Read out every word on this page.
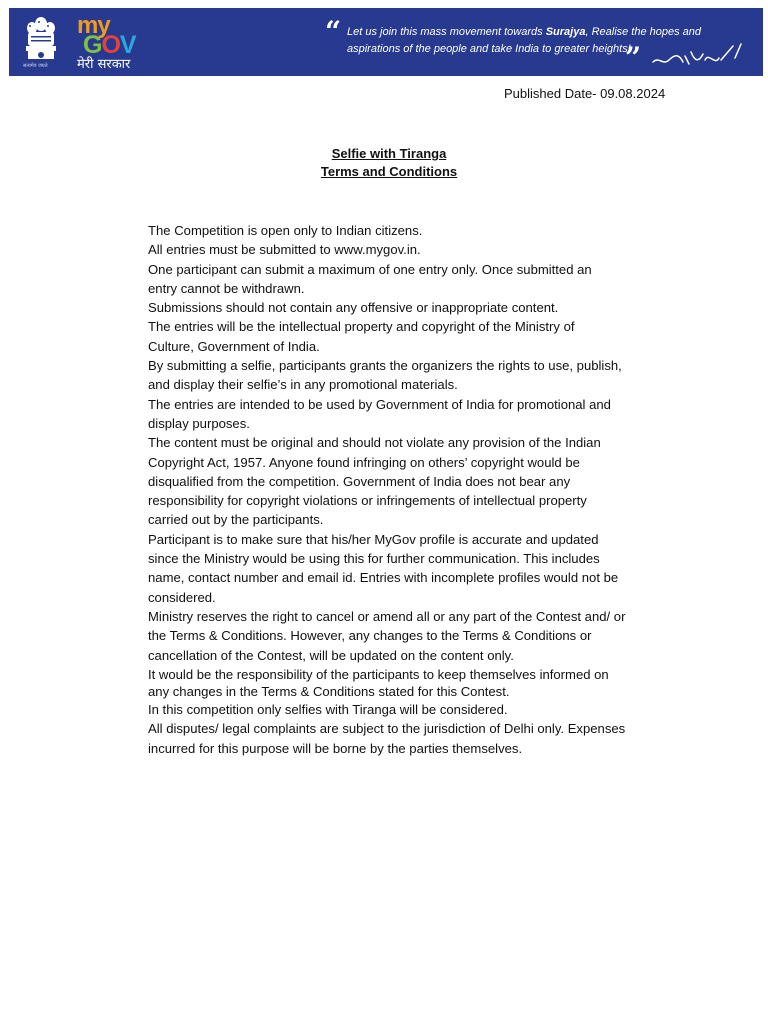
सत्यमेव जयते
my
GOV
मेरी सरकार
“ Let us join this mass movement towards Surajya, Realise the hopes and
aspirations of the people and take India to greater heights!
”
Published Date- 09.08.2024
Selfie with Tiranga
Terms and Conditions

The Competition is open only to Indian citizens.

All entries must be submitted to www.mygov.in.

One participant can submit a maximum of one entry only. Once submitted an

entry cannot be withdrawn.

Submissions should not contain any offensive or inappropriate content.

The entries will be the intellectual property and copyright of the Ministry of

Culture, Government of India.

By submitting a selfie, participants grants the organizers the rights to use, publish,

and display their selfie’s in any promotional materials.

The entries are intended to be used by Government of India for promotional and

display purposes.

The content must be original and should not violate any provision of the Indian

Copyright Act, 1957. Anyone found infringing on others’ copyright would be

disqualified from the competition. Government of India does not bear any

responsibility for copyright violations or infringements of intellectual property

carried out by the participants.

Participant is to make sure that his/her MyGov profile is accurate and updated

since the Ministry would be using this for further communication. This includes

name, contact number and email id. Entries with incomplete profiles would not be

considered.

Ministry reserves the right to cancel or amend all or any part of the Contest and/ or

the Terms & Conditions. However, any changes to the Terms & Conditions or

cancellation of the Contest, will be updated on the content only.

It would be the responsibility of the participants to keep themselves informed on

any changes in the Terms & Conditions stated for this Contest.

In this competition only selfies with Tiranga will be considered.

All disputes/ legal complaints are subject to the jurisdiction of Delhi only. Expenses

incurred for this purpose will be borne by the parties themselves.
